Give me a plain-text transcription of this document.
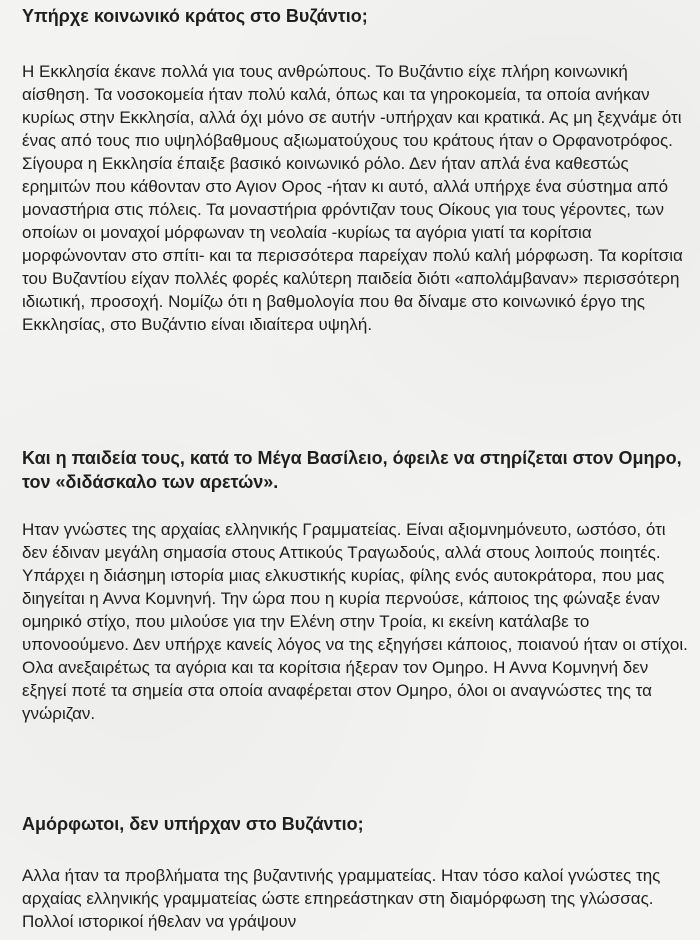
Υπήρχε κοινωνικό κράτος στο Βυζάντιο;
Η Εκκλησία έκανε πολλά για τους ανθρώπους. Το Βυζάντιο είχε πλήρη κοινωνική αίσθηση. Τα νοσοκομεία ήταν πολύ καλά, όπως και τα γηροκομεία, τα οποία ανήκαν κυρίως στην Εκκλησία, αλλά όχι μόνο σε αυτήν -υπήρχαν και κρατικά. Ας μη ξεχνάμε ότι ένας από τους πιο υψηλόβαθμους αξιωματούχους του κράτους ήταν ο Ορφανοτρόφος. Σίγουρα η Εκκλησία έπαιξε βασικό κοινωνικό ρόλο. Δεν ήταν απλά ένα καθεστώς ερημιτών που κάθονταν στο Αγιον Ορος -ήταν κι αυτό, αλλά υπήρχε ένα σύστημα από μοναστήρια στις πόλεις. Τα μοναστήρια φρόντιζαν τους Οίκους για τους γέροντες, των οποίων οι μοναχοί μόρφωναν τη νεολαία -κυρίως τα αγόρια γιατί τα κορίτσια μορφώνονταν στο σπίτι- και τα περισσότερα παρείχαν πολύ καλή μόρφωση. Τα κορίτσια του Βυζαντίου είχαν πολλές φορές καλύτερη παιδεία διότι «απολάμβαναν» περισσότερη ιδιωτική, προσοχή. Νομίζω ότι η βαθμολογία που θα δίναμε στο κοινωνικό έργο της Εκκλησίας, στο Βυζάντιο είναι ιδιαίτερα υψηλή.
Και η παιδεία τους, κατά το Μέγα Βασίλειο, όφειλε να στηρίζεται στον Ομηρο, τον «διδάσκαλο των αρετών».
Ηταν γνώστες της αρχαίας ελληνικής Γραμματείας. Είναι αξιομνημόνευτο, ωστόσο, ότι δεν έδιναν μεγάλη σημασία στους Αττικούς Τραγωδούς, αλλά στους λοιπούς ποιητές. Υπάρχει η διάσημη ιστορία μιας ελκυστικής κυρίας, φίλης ενός αυτοκράτορα, που μας διηγείται η Αννα Κομνηνή. Την ώρα που η κυρία περνούσε, κάποιος της φώναξε έναν ομηρικό στίχο, που μιλούσε για την Ελένη στην Τροία, κι εκείνη κατάλαβε το υπονοούμενο. Δεν υπήρχε κανείς λόγος να της εξηγήσει κάποιος, ποιανού ήταν οι στίχοι. Ολα ανεξαιρέτως τα αγόρια και τα κορίτσια ήξεραν τον Ομηρο. Η Αννα Κομνηνή δεν εξηγεί ποτέ τα σημεία στα οποία αναφέρεται στον Ομηρο, όλοι οι αναγνώστες της τα γνώριζαν.
Αμόρφωτοι, δεν υπήρχαν στο Βυζάντιο;
Αλλα ήταν τα προβλήματα της βυζαντινής γραμματείας. Ηταν τόσο καλοί γνώστες της αρχαίας ελληνικής γραμματείας ώστε επηρεάστηκαν στη διαμόρφωση της γλώσσας. Πολλοί ιστορικοί ήθελαν να γράψουν
